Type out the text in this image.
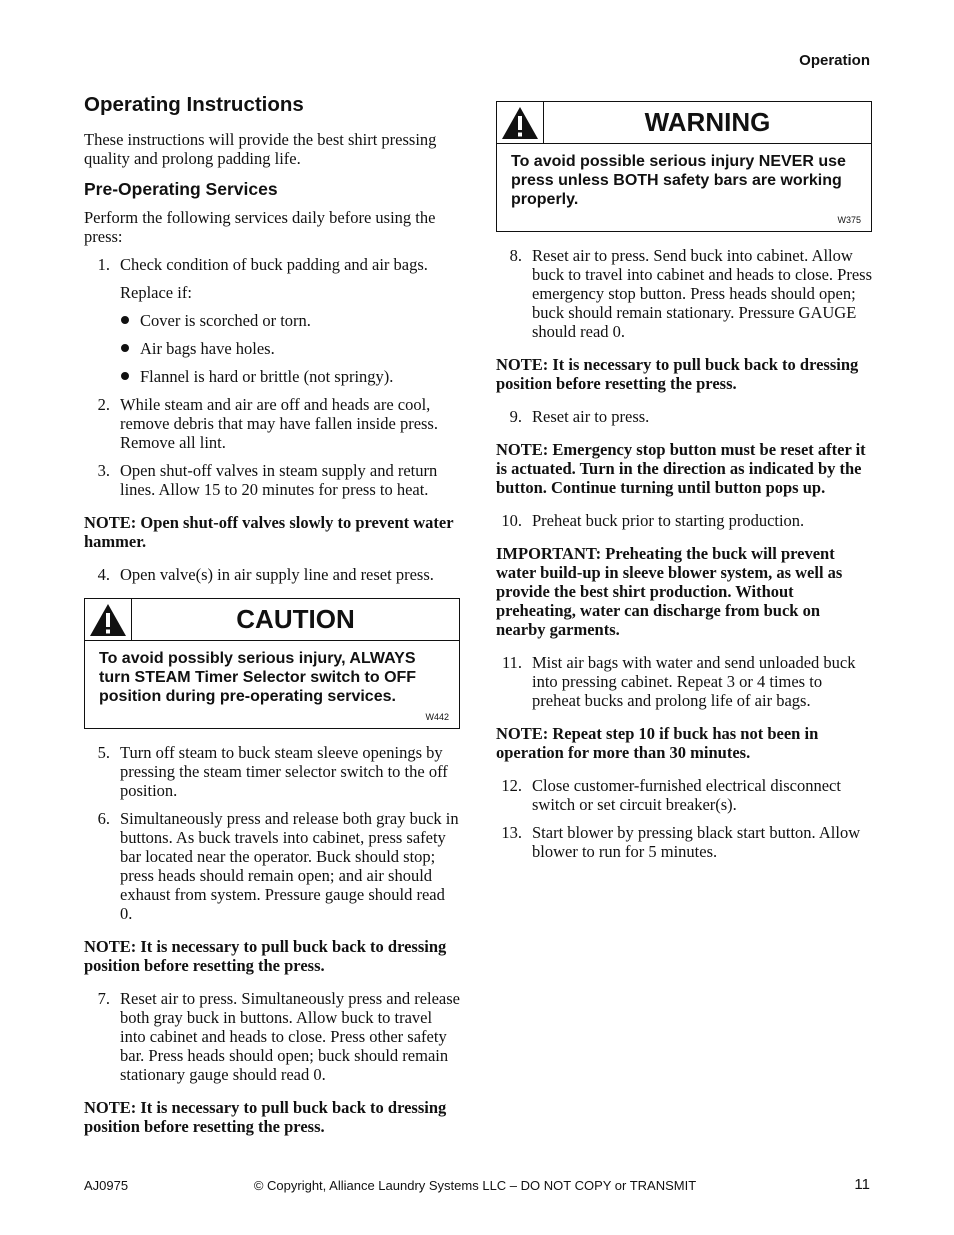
Operation
Operating Instructions

These instructions will provide the best shirt pressing quality and prolong padding life.

Pre-Operating Services

Perform the following services daily before using the press:

1. Check condition of buck padding and air bags.
Replace if:
Cover is scorched or torn.
Air bags have holes.
Flannel is hard or brittle (not springy).
2. While steam and air are off and heads are cool, remove debris that may have fallen inside press. Remove all lint.
3. Open shut-off valves in steam supply and return lines. Allow 15 to 20 minutes for press to heat.

NOTE: Open shut-off valves slowly to prevent water hammer.

4. Open valve(s) in air supply line and reset press.
CAUTION
To avoid possibly serious injury, ALWAYS turn STEAM Timer Selector switch to OFF position during pre-operating services.
W442
5. Turn off steam to buck steam sleeve openings by pressing the steam timer selector switch to the off position.
6. Simultaneously press and release both gray buck in buttons. As buck travels into cabinet, press safety bar located near the operator. Buck should stop; press heads should remain open; and air should exhaust from system. Pressure gauge should read 0.

NOTE: It is necessary to pull buck back to dressing position before resetting the press.

7. Reset air to press. Simultaneously press and release both gray buck in buttons. Allow buck to travel into cabinet and heads to close. Press other safety bar. Press heads should open; buck should remain stationary gauge should read 0.

NOTE: It is necessary to pull buck back to dressing position before resetting the press.

WARNING
To avoid possible serious injury NEVER use press unless BOTH safety bars are working properly.
W375
8. Reset air to press. Send buck into cabinet. Allow buck to travel into cabinet and heads to close. Press emergency stop button. Press heads should open; buck should remain stationary. Pressure GAUGE should read 0.

NOTE: It is necessary to pull buck back to dressing position before resetting the press.

9. Reset air to press.

NOTE: Emergency stop button must be reset after it is actuated. Turn in the direction as indicated by the button. Continue turning until button pops up.

10. Preheat buck prior to starting production.

IMPORTANT: Preheating the buck will prevent water build-up in sleeve blower system, as well as provide the best shirt production. Without preheating, water can discharge from buck on nearby garments.

11. Mist air bags with water and send unloaded buck into pressing cabinet. Repeat 3 or 4 times to preheat bucks and prolong life of air bags.

NOTE: Repeat step 10 if buck has not been in operation for more than 30 minutes.

12. Close customer-furnished electrical disconnect switch or set circuit breaker(s).
13. Start blower by pressing black start button. Allow blower to run for 5 minutes.
AJ0975	© Copyright, Alliance Laundry Systems LLC – DO NOT COPY or TRANSMIT	11
